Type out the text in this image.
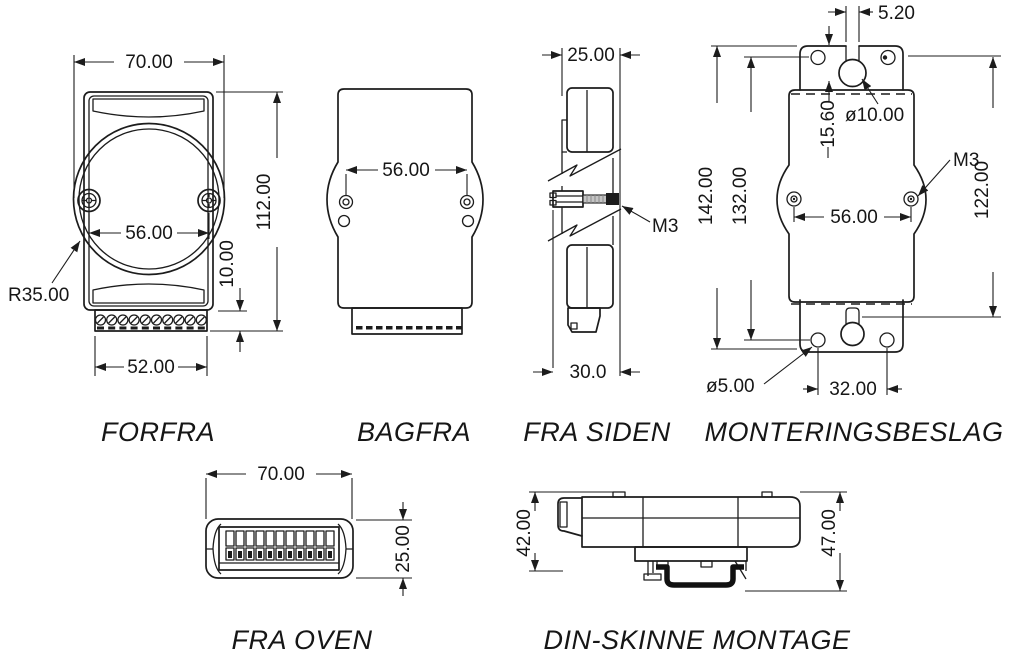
70.00
56.00
112.00
10.00
52.00
R35.00
FORFRA
56.00
BAGFRA
M3
25.00
30.0
FRA SIDEN
5.20
15.60 ø10.00
M3
56.00
142.00 132.00	122.00
32.00
ø5.00
MONTERINGSBESLAG
70.00
25.00
FRA OVEN
42.00	47.00
DIN-SKINNE MONTAGE
